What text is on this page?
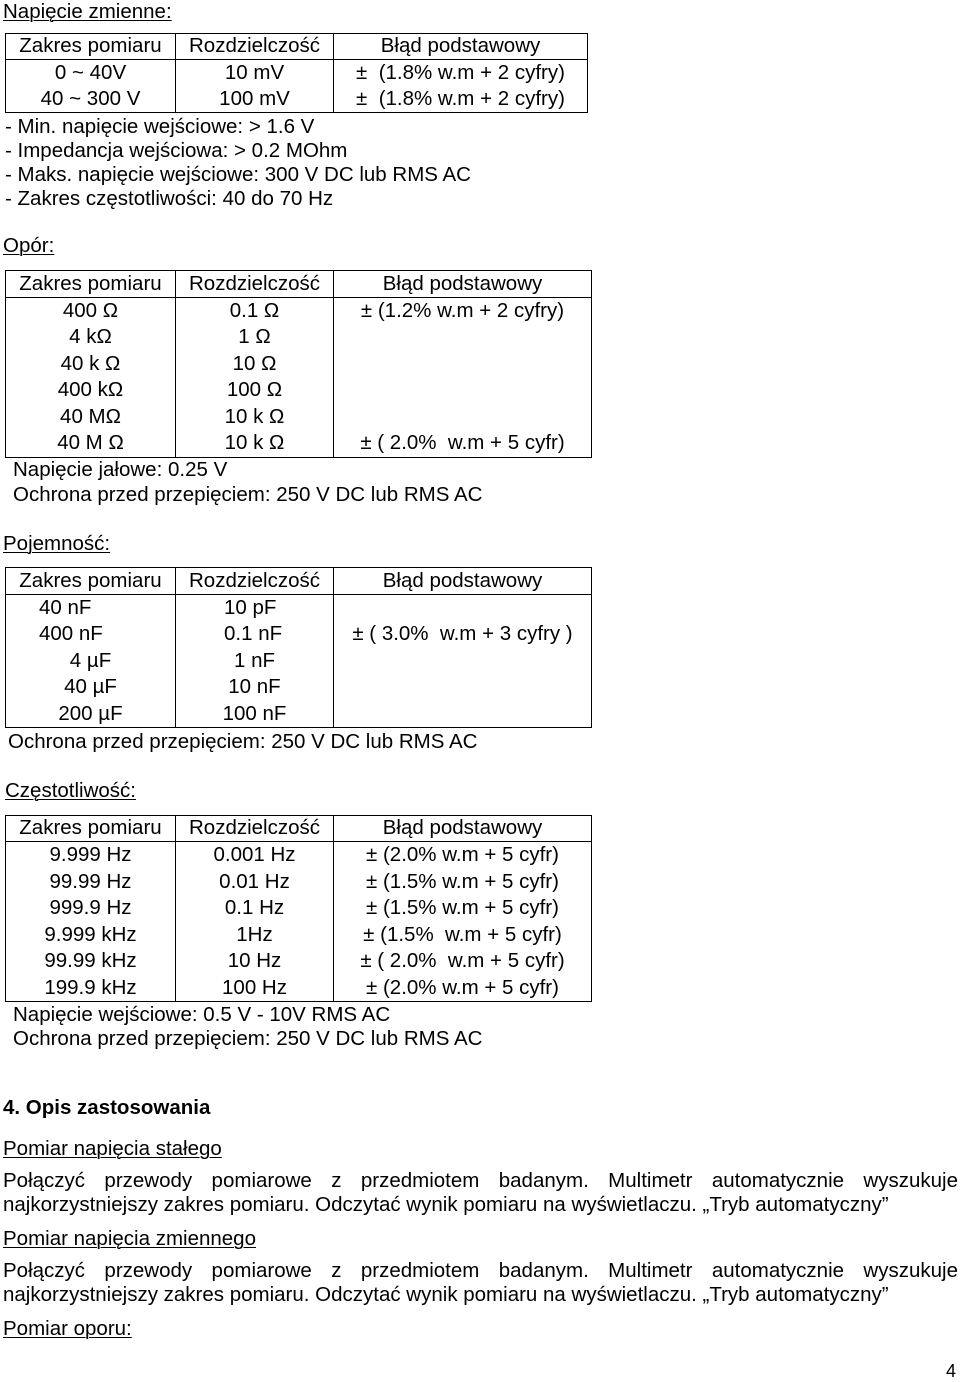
Napięcie zmienne:
Zakres pomiaru	Rozdzielczość	Błąd podstawowy
0 ~ 40V	10 mV	±  (1.8% w.m + 2 cyfry)
40 ~ 300 V	100 mV	±  (1.8% w.m + 2 cyfry)
- Min. napięcie wejściowe: > 1.6 V
- Impedancja wejściowa: > 0.2 MOhm
- Maks. napięcie wejściowe: 300 V DC lub RMS AC
- Zakres częstotliwości: 40 do 70 Hz
Opór:
Zakres pomiaru	Rozdzielczość	Błąd podstawowy
400 Ω	0.1 Ω	± (1.2% w.m + 2 cyfry)
4 kΩ	1 Ω
40 k Ω	10 Ω
400 kΩ	100 Ω
40 MΩ	10 k Ω
40 M Ω	10 k Ω	± ( 2.0%  w.m + 5 cyfr)
Napięcie jałowe: 0.25 V
Ochrona przed przepięciem: 250 V DC lub RMS AC
Pojemność:
Zakres pomiaru	Rozdzielczość	Błąd podstawowy
40 nF	10 pF
400 nF	0.1 nF	± ( 3.0%  w.m + 3 cyfry )
4 µF	1 nF
40 µF	10 nF
200 µF	100 nF
Ochrona przed przepięciem: 250 V DC lub RMS AC
Częstotliwość:
Zakres pomiaru	Rozdzielczość	Błąd podstawowy
9.999 Hz	0.001 Hz	± (2.0% w.m + 5 cyfr)
99.99 Hz	0.01 Hz	± (1.5% w.m + 5 cyfr)
999.9 Hz	0.1 Hz	± (1.5% w.m + 5 cyfr)
9.999 kHz	1Hz	± (1.5%  w.m + 5 cyfr)
99.99 kHz	10 Hz	± ( 2.0%  w.m + 5 cyfr)
199.9 kHz	100 Hz	± (2.0% w.m + 5 cyfr)
Napięcie wejściowe: 0.5 V - 10V RMS AC
Ochrona przed przepięciem: 250 V DC lub RMS AC
4. Opis zastosowania
Pomiar napięcia stałego
Połączyć przewody pomiarowe z przedmiotem badanym. Multimetr automatycznie wyszukuje
najkorzystniejszy zakres pomiaru. Odczytać wynik pomiaru na wyświetlaczu. „Tryb automatyczny”
Pomiar napięcia zmiennego
Połączyć przewody pomiarowe z przedmiotem badanym. Multimetr automatycznie wyszukuje
najkorzystniejszy zakres pomiaru. Odczytać wynik pomiaru na wyświetlaczu. „Tryb automatyczny”
Pomiar oporu:
4
